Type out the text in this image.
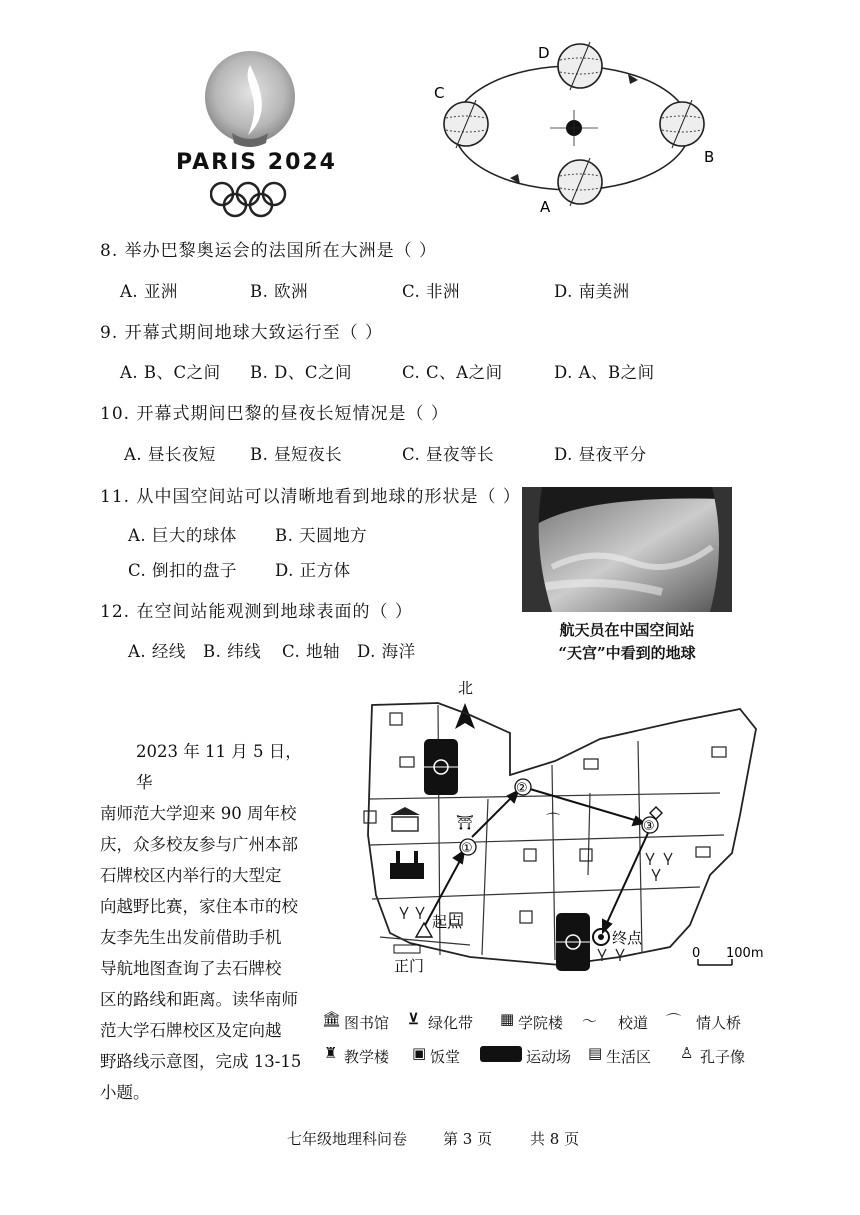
PARIS 2024
A
B
C
D
8. 举办巴黎奥运会的法国所在大洲是（ ）
A. 亚洲	B. 欧洲	C. 非洲	D. 南美洲
9. 开幕式期间地球大致运行至（ ）
A. B、C之间 B. D、C之间	C. C、A之间	D. A、B之间
10. 开幕式期间巴黎的昼夜长短情况是（ ）
A. 昼长夜短 B. 昼短夜长	C. 昼夜等长	D. 昼夜平分
11. 从中国空间站可以清晰地看到地球的形状是（ ）
A. 巨大的球体 B. 天圆地方
C. 倒扣的盘子 D. 正方体
12. 在空间站能观测到地球表面的（ ）
A. 经线 B. 纬线 C. 地轴 D. 海洋
航天员在中国空间站
“天宫”中看到的地球
2023 年 11 月 5 日，华
南师范大学迎来 90 周年校
庆，众多校友参与广州本部
石牌校区内举行的大型定
向越野比赛，家住本市的校
友李先生出发前借助手机
导航地图查询了去石牌校
区的路线和距离。读华南师
范大学石牌校区及定向越
野路线示意图，完成 13-15
小题。
北
⛩	⌒
①
②
③
起点
终点
正门
0 100m
🏛 图书馆 ⊻ 绿化带 ▦ 学院楼 〜 校道 ⌒ 情人桥
♜ 教学楼 ▣ 饭堂	运动场 ▤ 生活区 ♙ 孔子像
七年级地理科问卷 第 3 页	共 8 页
